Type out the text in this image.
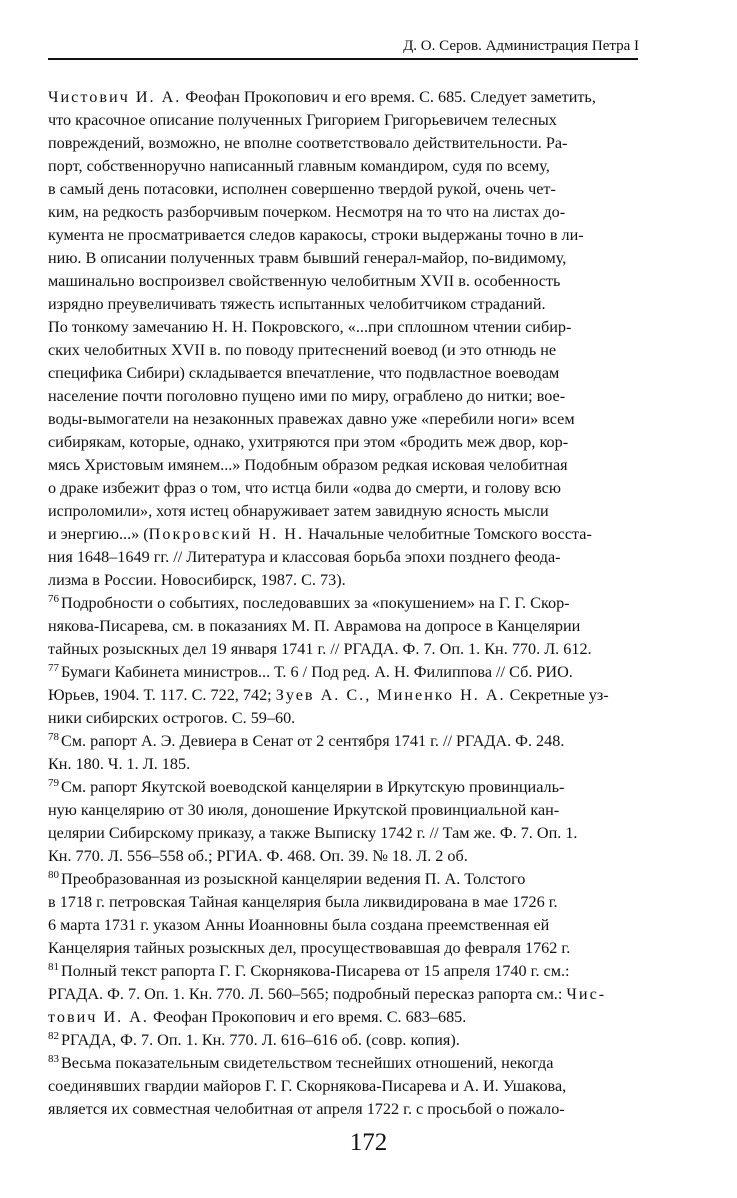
Д. О. Серов. Администрация Петра I
Чистович И. А. Феофан Прокопович и его время. С. 685. Следует заметить,
что красочное описание полученных Григорием Григорьевичем телесных
повреждений, возможно, не вполне соответствовало действительности. Ра-
порт, собственноручно написанный главным командиром, судя по всему,
в самый день потасовки, исполнен совершенно твердой рукой, очень чет-
ким, на редкость разборчивым почерком. Несмотря на то что на листах до-
кумента не просматривается следов каракосы, строки выдержаны точно в ли-
нию. В описании полученных травм бывший генерал-майор, по-видимому,
машинально воспроизвел свойственную челобитным XVII в. особенность
изрядно преувеличивать тяжесть испытанных челобитчиком страданий.
По тонкому замечанию Н. Н. Покровского, «...при сплошном чтении сибир-
ских челобитных XVII в. по поводу притеснений воевод (и это отнюдь не
специфика Сибири) складывается впечатление, что подвластное воеводам
население почти поголовно пущено ими по миру, ограблено до нитки; вое-
воды-вымогатели на незаконных правежах давно уже «перебили ноги» всем
сибирякам, которые, однако, ухитряются при этом «бродить меж двор, кор-
мясь Христовым имянем...» Подобным образом редкая исковая челобитная
о драке избежит фраз о том, что истца били «одва до смерти, и голову всю
испроломили», хотя истец обнаруживает затем завидную ясность мысли
и энергию...» (Покровский Н. Н. Начальные челобитные Томского восста-
ния 1648–1649 гг. // Литература и классовая борьба эпохи позднего феода-
лизма в России. Новосибирск, 1987. С. 73).
$^{76}$ Подробности о событиях, последовавших за «покушением» на Г. Г. Скор-
някова-Писарева, см. в показаниях М. П. Аврамова на допросе в Канцелярии
тайных розыскных дел 19 января 1741 г. // РГАДА. Ф. 7. Оп. 1. Кн. 770. Л. 612.
$^{77}$ Бумаги Кабинета министров... Т. 6 / Под ред. А. Н. Филиппова // Сб. РИО.
Юрьев, 1904. Т. 117. С. 722, 742; Зуев А. С., Миненко Н. А. Секретные уз-
ники сибирских острогов. С. 59–60.
$^{78}$ См. рапорт А. Э. Девиера в Сенат от 2 сентября 1741 г. // РГАДА. Ф. 248.
Кн. 180. Ч. 1. Л. 185.
$^{79}$ См. рапорт Якутской воеводской канцелярии в Иркутскую провинциаль-
ную канцелярию от 30 июля, доношение Иркутской провинциальной кан-
целярии Сибирскому приказу, а также Выписку 1742 г. // Там же. Ф. 7. Оп. 1.
Кн. 770. Л. 556–558 об.; РГИА. Ф. 468. Оп. 39. № 18. Л. 2 об.
$^{80}$ Преобразованная из розыскной канцелярии ведения П. А. Толстого
в 1718 г. петровская Тайная канцелярия была ликвидирована в мае 1726 г.
6 марта 1731 г. указом Анны Иоанновны была создана преемственная ей
Канцелярия тайных розыскных дел, просуществовавшая до февраля 1762 г.
$^{81}$ Полный текст рапорта Г. Г. Скорнякова-Писарева от 15 апреля 1740 г. см.:
РГАДА. Ф. 7. Оп. 1. Кн. 770. Л. 560–565; подробный пересказ рапорта см.: Чис-
тович И. А. Феофан Прокопович и его время. С. 683–685.
$^{82}$ РГАДА, Ф. 7. Оп. 1. Кн. 770. Л. 616–616 об. (совр. копия).
$^{83}$ Весьма показательным свидетельством теснейших отношений, некогда
соединявших гвардии майоров Г. Г. Скорнякова-Писарева и А. И. Ушакова,
является их совместная челобитная от апреля 1722 г. с просьбой о пожало-
172
